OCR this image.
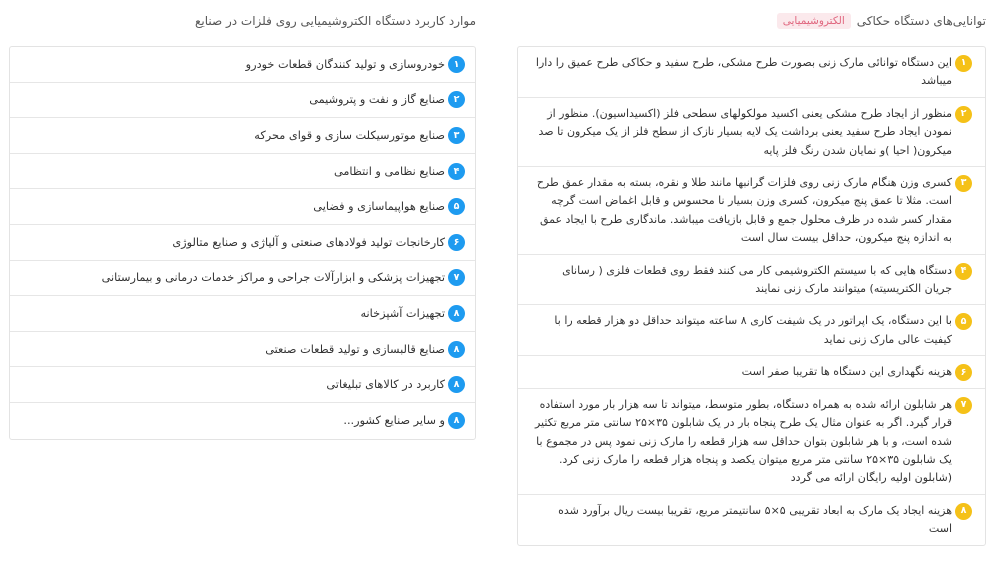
توانایی‌های دستگاه حکاکی
الکتروشیمیایی
۱
این دستگاه توانائی مارک زنی بصورت طرح مشکی، طرح سفید و حکاکی طرح عمیق را دارا میباشد
۲
منظور از ایجاد طرح مشکی یعنی اکسید مولکولهای سطحی فلز (اکسیداسیون). منظور از نمودن ایجاد طرح سفید یعنی برداشت یک لایه بسیار نازک از سطح فلز از یک میکرون تا صد میکرون( احیا )و نمایان شدن رنگ فلز پایه
۳
کسری وزن هنگام مارک زنی روی فلزات گرانبها مانند طلا و نقره، بسته به مقدار عمق طرح است. مثلا تا عمق پنج میکرون، کسری وزن بسیار نا محسوس و قابل اغماض است گرچه مقدار کسر شده در ظرف محلول جمع و قابل بازیافت میباشد. ماندگاری طرح با ایجاد عمق به اندازه پنج میکرون، حداقل بیست سال است
۴
دستگاه هایی که با سیستم الکتروشیمی کار می کنند فقط روی قطعات فلزی ( رسانای جریان الکتریسیته) میتوانند مارک زنی نمایند
۵
با این دستگاه، یک اپراتور در یک شیفت کاری ۸ ساعته میتواند حداقل دو هزار قطعه را با کیفیت عالی مارک زنی نماید
۶
هزینه نگهداری این دستگاه ها تقریبا صفر است
۷
هر شابلون ارائه شده به همراه دستگاه، بطور متوسط، میتواند تا سه هزار بار مورد استفاده قرار گیرد. اگر به عنوان مثال یک طرح پنجاه بار در یک شابلون ۳۵×۲۵ سانتی متر مربع تکثیر شده است، و با هر شابلون بتوان حداقل سه هزار قطعه را مارک زنی نمود پس در مجموع با یک شابلون ۳۵×۲۵ سانتی متر مربع میتوان یکصد و پنجاه هزار قطعه را مارک زنی کرد.(شابلون اولیه رایگان ارائه می گردد
۸
هزینه ایجاد یک مارک به ابعاد تقریبی ۵×۵ سانتیمتر مربع، تقریبا بیست ریال برآورد شده است
موارد کاربرد دستگاه الکتروشیمیایی روی فلزات در صنایع
۱
خودروسازی و تولید کنندگان قطعات خودرو
۲
صنایع گاز و نفت و پتروشیمی
۳
صنایع موتورسیکلت سازی و قوای محرکه
۴
صنایع نظامی و انتظامی
۵
صنایع هواپیماسازی و فضایی
۶
کارخانجات تولید فولادهای صنعتی و آلیاژی و صنایع متالوژی
۷
تجهیزات پزشکی و ابزارآلات جراحی و مراکز خدمات درمانی و بیمارستانی
۸
تجهیزات آشپزخانه
۸
صنایع قالبسازی و تولید قطعات صنعتی
۸
کاربرد در کالاهای تبلیغاتی
۸
و سایر صنایع کشور...
